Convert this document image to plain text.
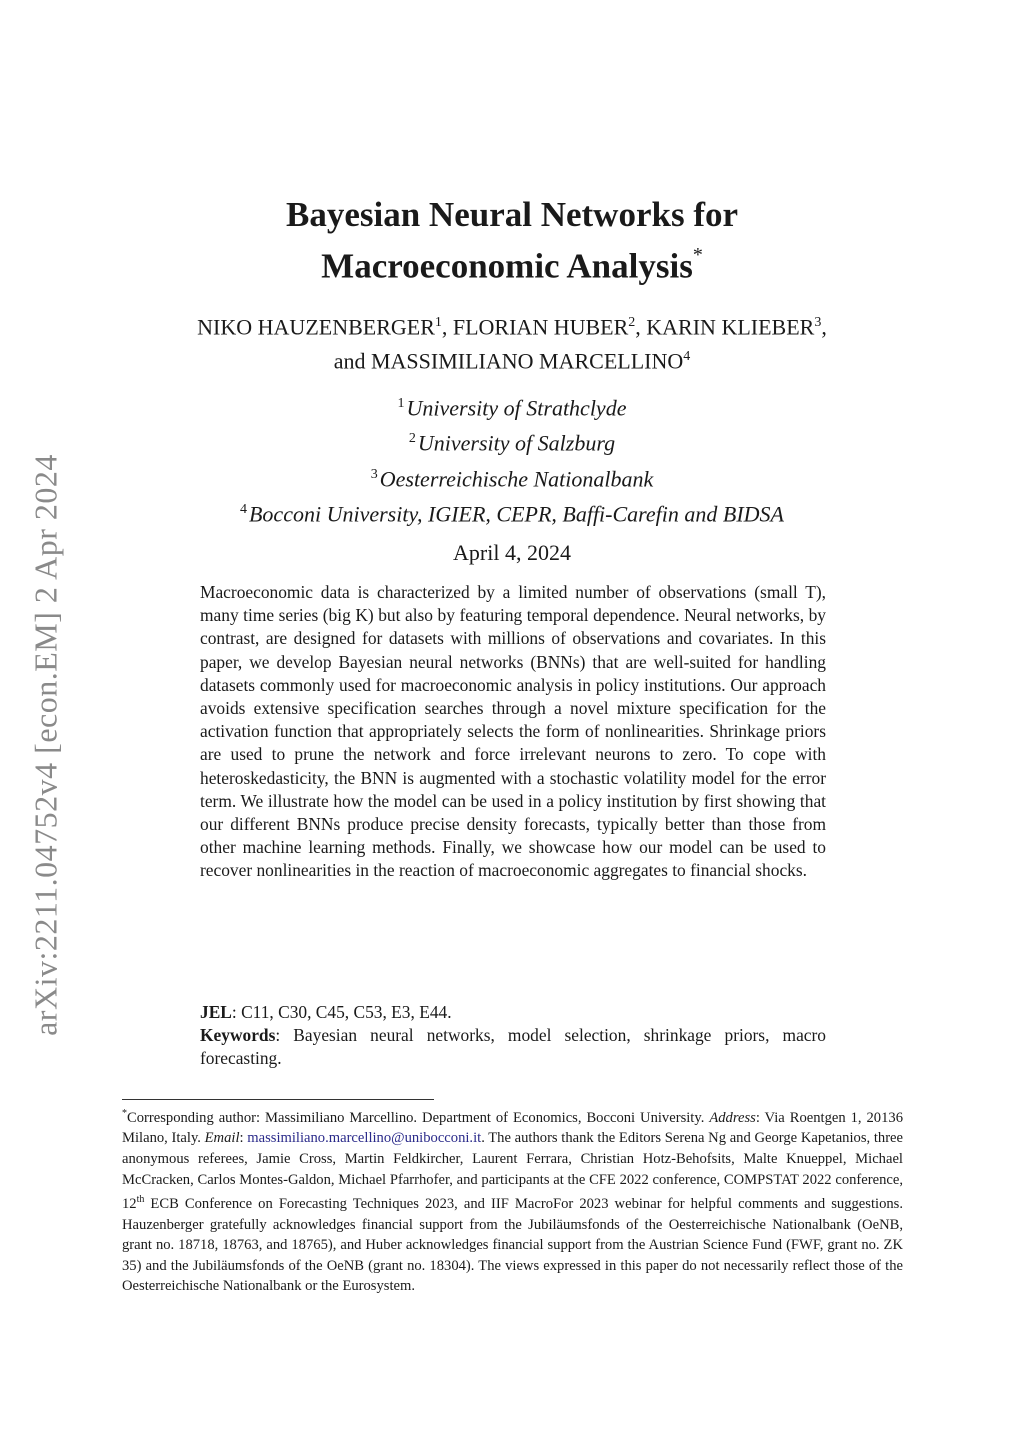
arXiv:2211.04752v4 [econ.EM] 2 Apr 2024
Bayesian Neural Networks for
Macroeconomic Analysis*
NIKO HAUZENBERGER$^1$, FLORIAN HUBER$^2$, KARIN KLIEBER$^3$,
and MASSIMILIANO MARCELLINO$^4$
$^1$University of Strathclyde
$^2$University of Salzburg
$^3$Oesterreichische Nationalbank
$^4$Bocconi University, IGIER, CEPR, Baffi-Carefin and BIDSA
April 4, 2024
Macroeconomic data is characterized by a limited number of observations (small T), many time series (big K) but also by featuring temporal dependence. Neural networks, by contrast, are designed for datasets with millions of observations and covariates. In this paper, we develop Bayesian neural networks (BNNs) that are well-suited for handling datasets commonly used for macroeconomic analysis in policy institutions. Our approach avoids extensive specification searches through a novel mixture specification for the activation function that appropriately selects the form of nonlinearities. Shrinkage priors are used to prune the network and force irrelevant neurons to zero. To cope with heteroskedasticity, the BNN is augmented with a stochastic volatility model for the error term. We illustrate how the model can be used in a policy institution by first showing that our different BNNs produce precise density forecasts, typically better than those from other machine learning methods. Finally, we showcase how our model can be used to recover nonlinearities in the reaction of macroeconomic aggregates to financial shocks.
JEL: C11, C30, C45, C53, E3, E44.
Keywords: Bayesian neural networks, model selection, shrinkage priors, macro forecasting.
*Corresponding author: Massimiliano Marcellino. Department of Economics, Bocconi University. Address: Via Roentgen 1, 20136 Milano, Italy. Email: massimiliano.marcellino@unibocconi.it. The authors thank the Editors Serena Ng and George Kapetanios, three anonymous referees, Jamie Cross, Martin Feldkircher, Laurent Ferrara, Christian Hotz-Behofsits, Malte Knueppel, Michael McCracken, Carlos Montes-Galdon, Michael Pfarrhofer, and participants at the CFE 2022 conference, COMPSTAT 2022 conference, 12th ECB Conference on Forecasting Techniques 2023, and IIF MacroFor 2023 webinar for helpful comments and suggestions. Hauzenberger gratefully acknowledges financial support from the Jubiläumsfonds of the Oesterreichische Nationalbank (OeNB, grant no. 18718, 18763, and 18765), and Huber acknowledges financial support from the Austrian Science Fund (FWF, grant no. ZK 35) and the Jubiläumsfonds of the OeNB (grant no. 18304). The views expressed in this paper do not necessarily reflect those of the Oesterreichische Nationalbank or the Eurosystem.
